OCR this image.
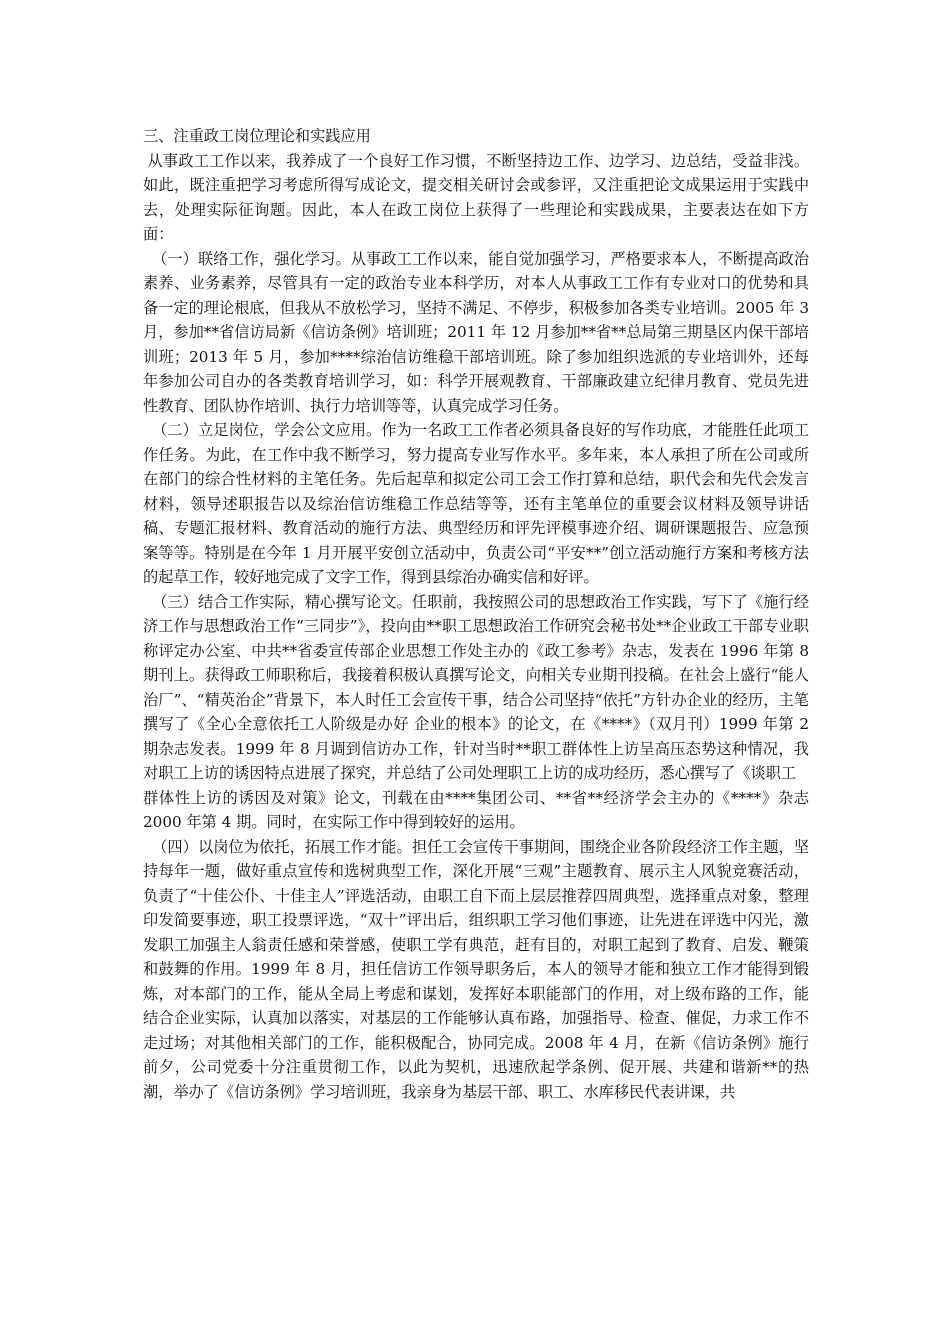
三、注重政工岗位理论和实践应用

从事政工工作以来，我养成了一个良好工作习惯，不断坚持边工作、边学习、边总结，受益非浅。如此，既注重把学习考虑所得写成论文，提交相关研讨会或参评，又注重把论文成果运用于实践中去，处理实际征询题。因此，本人在政工岗位上获得了一些理论和实践成果，主要表达在如下方面：

（一）联络工作，强化学习。从事政工工作以来，能自觉加强学习，严格要求本人，不断提高政治素养、业务素养，尽管具有一定的政治专业本科学历，对本人从事政工工作有专业对口的优势和具备一定的理论根底，但我从不放松学习，坚持不满足、不停步，积极参加各类专业培训。2005 年 3 月，参加**省信访局新《信访条例》培训班；2011 年 12 月参加**省**总局第三期垦区内保干部培训班；2013 年 5 月，参加****综治信访维稳干部培训班。除了参加组织选派的专业培训外，还每年参加公司自办的各类教育培训学习，如：科学开展观教育、干部廉政建立纪律月教育、党员先进性教育、团队协作培训、执行力培训等等，认真完成学习任务。

（二）立足岗位，学会公文应用。作为一名政工工作者必须具备良好的写作功底，才能胜任此项工作任务。为此，在工作中我不断学习，努力提高专业写作水平。多年来，本人承担了所在公司或所在部门的综合性材料的主笔任务。先后起草和拟定公司工会工作打算和总结，职代会和先代会发言材料，领导述职报告以及综治信访维稳工作总结等等，还有主笔单位的重要会议材料及领导讲话稿、专题汇报材料、教育活动的施行方法、典型经历和评先评模事迹介绍、调研课题报告、应急预案等等。特别是在今年 1 月开展平安创立活动中，负责公司“平安**”创立活动施行方案和考核方法的起草工作，较好地完成了文字工作，得到县综治办确实信和好评。

（三）结合工作实际，精心撰写论文。任职前，我按照公司的思想政治工作实践，写下了《施行经济工作与思想政治工作“三同步”》，投向由**职工思想政治工作研究会秘书处**企业政工干部专业职称评定办公室、中共**省委宣传部企业思想工作处主办的《政工参考》杂志，发表在 1996 年第 8 期刊上。获得政工师职称后，我接着积极认真撰写论文，向相关专业期刊投稿。在社会上盛行“能人治厂”、“精英治企”背景下，本人时任工会宣传干事，结合公司坚持“依托”方针办企业的经历，主笔撰写了《全心全意依托工人阶级是办好 企业的根本》的论文，在《****》（双月刊）1999 年第 2 期杂志发表。1999 年 8 月调到信访办工作，针对当时**职工群体性上访呈高压态势这种情况，我对职工上访的诱因特点进展了探究，并总结了公司处理职工上访的成功经历，悉心撰写了《谈职工

群体性上访的诱因及对策》论文，刊载在由****集团公司、**省**经济学会主办的《****》杂志 2000 年第 4 期。同时，在实际工作中得到较好的运用。

（四）以岗位为依托，拓展工作才能。担任工会宣传干事期间，围绕企业各阶段经济工作主题，坚持每年一题，做好重点宣传和选树典型工作，深化开展“三观”主题教育、展示主人风貌竞赛活动，负责了“十佳公仆、十佳主人”评选活动，由职工自下而上层层推荐四周典型，选择重点对象，整理印发简要事迹，职工投票评选，“双十”评出后，组织职工学习他们事迹，让先进在评选中闪光，激发职工加强主人翁责任感和荣誉感，使职工学有典范，赶有目的，对职工起到了教育、启发、鞭策和鼓舞的作用。1999 年 8 月，担任信访工作领导职务后，本人的领导才能和独立工作才能得到锻炼，对本部门的工作，能从全局上考虑和谋划，发挥好本职能部门的作用，对上级布路的工作，能结合企业实际，认真加以落实，对基层的工作能够认真布路，加强指导、检查、催促，力求工作不走过场；对其他相关部门的工作，能积极配合，协同完成。2008 年 4 月，在新《信访条例》施行前夕，公司党委十分注重贯彻工作，以此为契机，迅速欣起学条例、促开展、共建和谐新**的热潮，举办了《信访条例》学习培训班，我亲身为基层干部、职工、水库移民代表讲课，共
